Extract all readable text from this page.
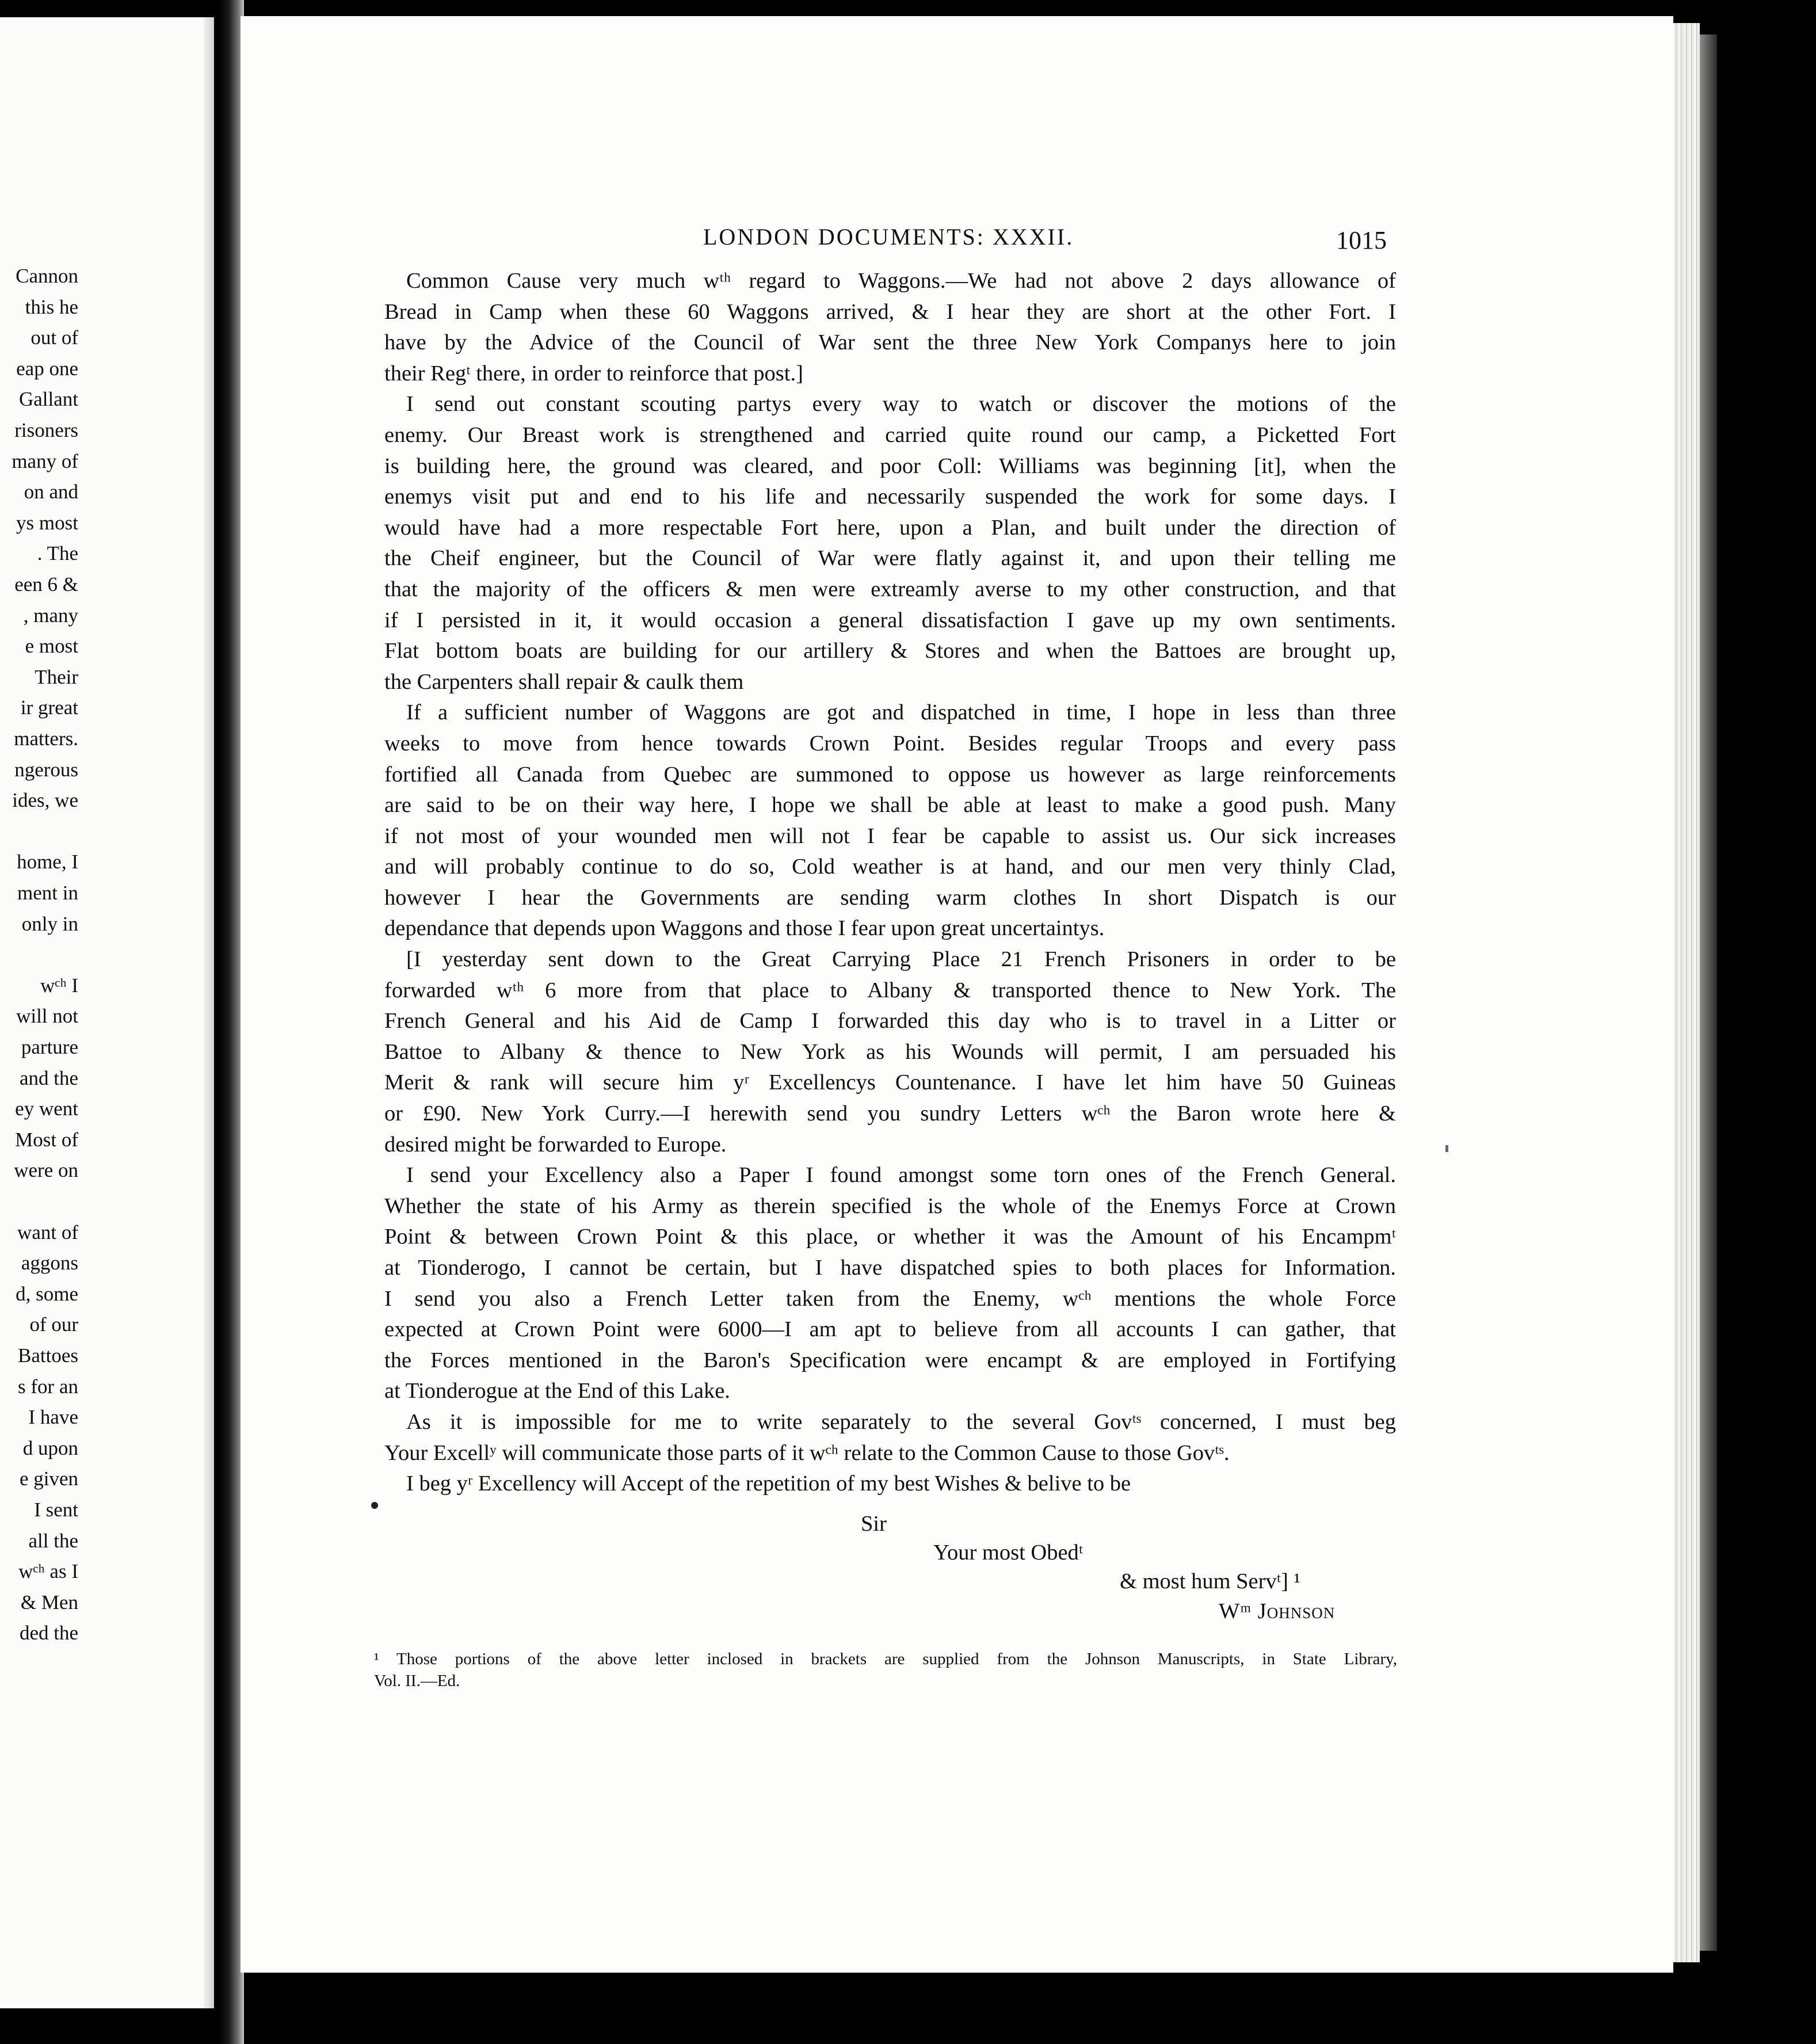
Cannon
this he
out of
eap one
Gallant
risoners
many of
on and
ys most
. The
een 6 &
, many
e most
Their
ir great
matters.
ngerous
ides, we
home, I
ment in
only in
wᶜʰ I
will not
parture
and the
ey went
Most of
were on
want of
aggons
d, some
of our
Battoes
s for an
I have
d upon
e given
I sent
all the
wᶜʰ as I
& Men
ded the
LONDON DOCUMENTS: XXXII.	1015
Common Cause very much wᵗʰ regard to Waggons.—We had not above 2 days allowance of
Bread in Camp when these 60 Waggons arrived, & I hear they are short at the other Fort. I
have by the Advice of the Council of War sent the three New York Companys here to join
their Regᵗ there, in order to reinforce that post.]
I send out constant scouting partys every way to watch or discover the motions of the
enemy. Our Breast work is strengthened and carried quite round our camp, a Picketted Fort
is building here, the ground was cleared, and poor Coll: Williams was beginning [it], when the
enemys visit put and end to his life and necessarily suspended the work for some days. I
would have had a more respectable Fort here, upon a Plan, and built under the direction of
the Cheif engineer, but the Council of War were flatly against it, and upon their telling me
that the majority of the officers & men were extreamly averse to my other construction, and that
if I persisted in it, it would occasion a general dissatisfaction I gave up my own sentiments.
Flat bottom boats are building for our artillery & Stores and when the Battoes are brought up,
the Carpenters shall repair & caulk them
If a sufficient number of Waggons are got and dispatched in time, I hope in less than three
weeks to move from hence towards Crown Point. Besides regular Troops and every pass
fortified all Canada from Quebec are summoned to oppose us however as large reinforcements
are said to be on their way here, I hope we shall be able at least to make a good push. Many
if not most of your wounded men will not I fear be capable to assist us. Our sick increases
and will probably continue to do so, Cold weather is at hand, and our men very thinly Clad,
however I hear the Governments are sending warm clothes In short Dispatch is our
dependance that depends upon Waggons and those I fear upon great uncertaintys.
[I yesterday sent down to the Great Carrying Place 21 French Prisoners in order to be
forwarded wᵗʰ 6 more from that place to Albany & transported thence to New York. The
French General and his Aid de Camp I forwarded this day who is to travel in a Litter or
Battoe to Albany & thence to New York as his Wounds will permit, I am persuaded his
Merit & rank will secure him yʳ Excellencys Countenance. I have let him have 50 Guineas
or £90. New York Curry.—I herewith send you sundry Letters wᶜʰ the Baron wrote here &
desired might be forwarded to Europe.
I send your Excellency also a Paper I found amongst some torn ones of the French General.
Whether the state of his Army as therein specified is the whole of the Enemys Force at Crown
Point & between Crown Point & this place, or whether it was the Amount of his Encampmᵗ
at Tionderogo, I cannot be certain, but I have dispatched spies to both places for Information.
I send you also a French Letter taken from the Enemy, wᶜʰ mentions the whole Force
expected at Crown Point were 6000—I am apt to believe from all accounts I can gather, that
the Forces mentioned in the Baron's Specification were encampt & are employed in Fortifying
at Tionderogue at the End of this Lake.
As it is impossible for me to write separately to the several Govᵗˢ concerned, I must beg
Your Excellʸ will communicate those parts of it wᶜʰ relate to the Common Cause to those Govᵗˢ.
I beg yʳ Excellency will Accept of the repetition of my best Wishes & belive to be
Sir
Your most Obedᵗ
& most hum Servᵗ] ¹
Wᵐ Johnson
¹ Those portions of the above letter inclosed in brackets are supplied from the Johnson Manuscripts, in State Library,
Vol. II.—Ed.
